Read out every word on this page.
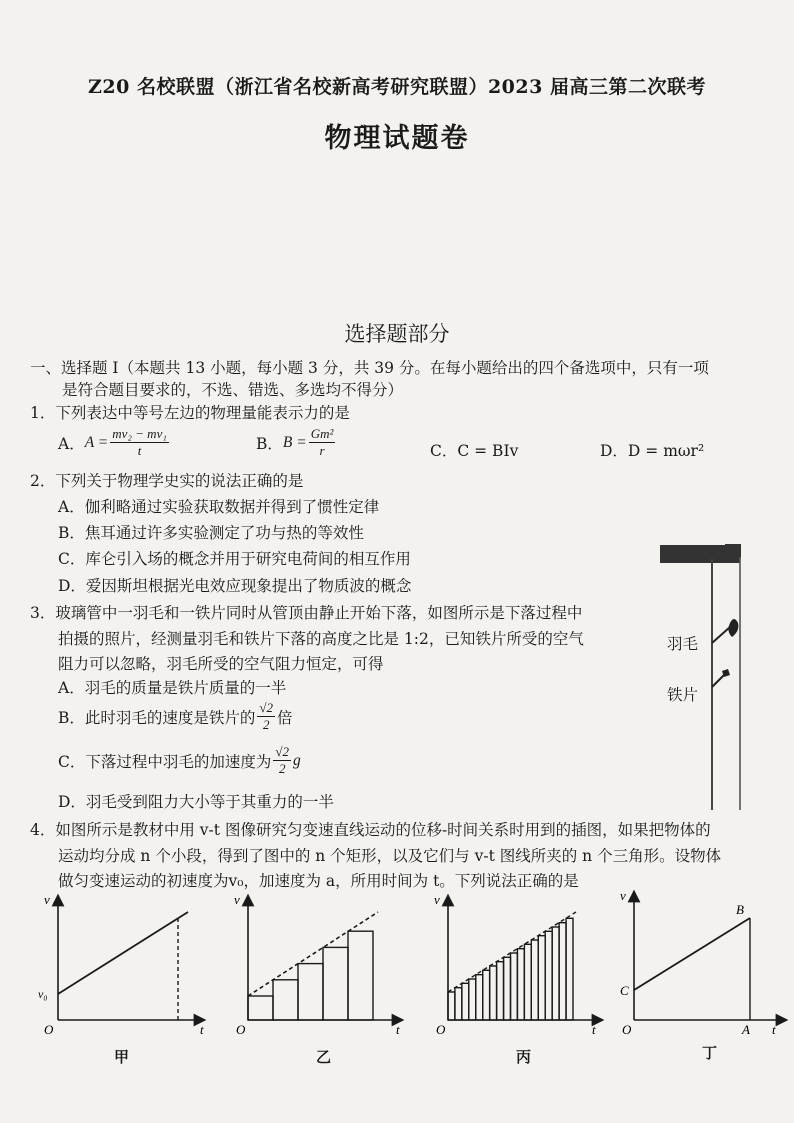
Z20 名校联盟（浙江省名校新高考研究联盟）2023 届高三第二次联考
物理试题卷
选择题部分
一、选择题 I（本题共 13 小题，每小题 3 分，共 39 分。在每小题给出的四个备选项中，只有一项
是符合题目要求的，不选、错选、多选均不得分）
1．下列表达中等号左边的物理量能表示力的是
A． $A = \frac{\text{mv₂ − mv₁}}{t}$	B． $B = \frac{\text{Gm²}}{r}$	C．C = BIv	D．D = mωr²
2．下列关于物理学史实的说法正确的是
A．伽利略通过实验获取数据并得到了惯性定律
B．焦耳通过许多实验测定了功与热的等效性
C．库仑引入场的概念并用于研究电荷间的相互作用
D．爱因斯坦根据光电效应现象提出了物质波的概念
3．玻璃管中一羽毛和一铁片同时从管顶由静止开始下落，如图所示是下落过程中
拍摄的照片，经测量羽毛和铁片下落的高度之比是 1:2，已知铁片所受的空气
阻力可以忽略，羽毛所受的空气阻力恒定，可得
A．羽毛的质量是铁片质量的一半
B．此时羽毛的速度是铁片的 $\frac{√2}{2}$ 倍
C．下落过程中羽毛的加速度为 $\frac{√2}{2}$ g
D．羽毛受到阻力大小等于其重力的一半
羽毛
铁片
4．如图所示是教材中用 v-t 图像研究匀变速直线运动的位移-时间关系时用到的插图，如果把物体的
运动均分成 n 个小段，得到了图中的 n 个矩形，以及它们与 v-t 图线所夹的 n 个三角形。设物体
做匀变速运动的初速度为v₀，加速度为 a，所用时间为 t。下列说法正确的是
v
t
O
v₀
甲
v
t
O
乙
v
t
O
丙
v
t
O
C
B
A
丁
